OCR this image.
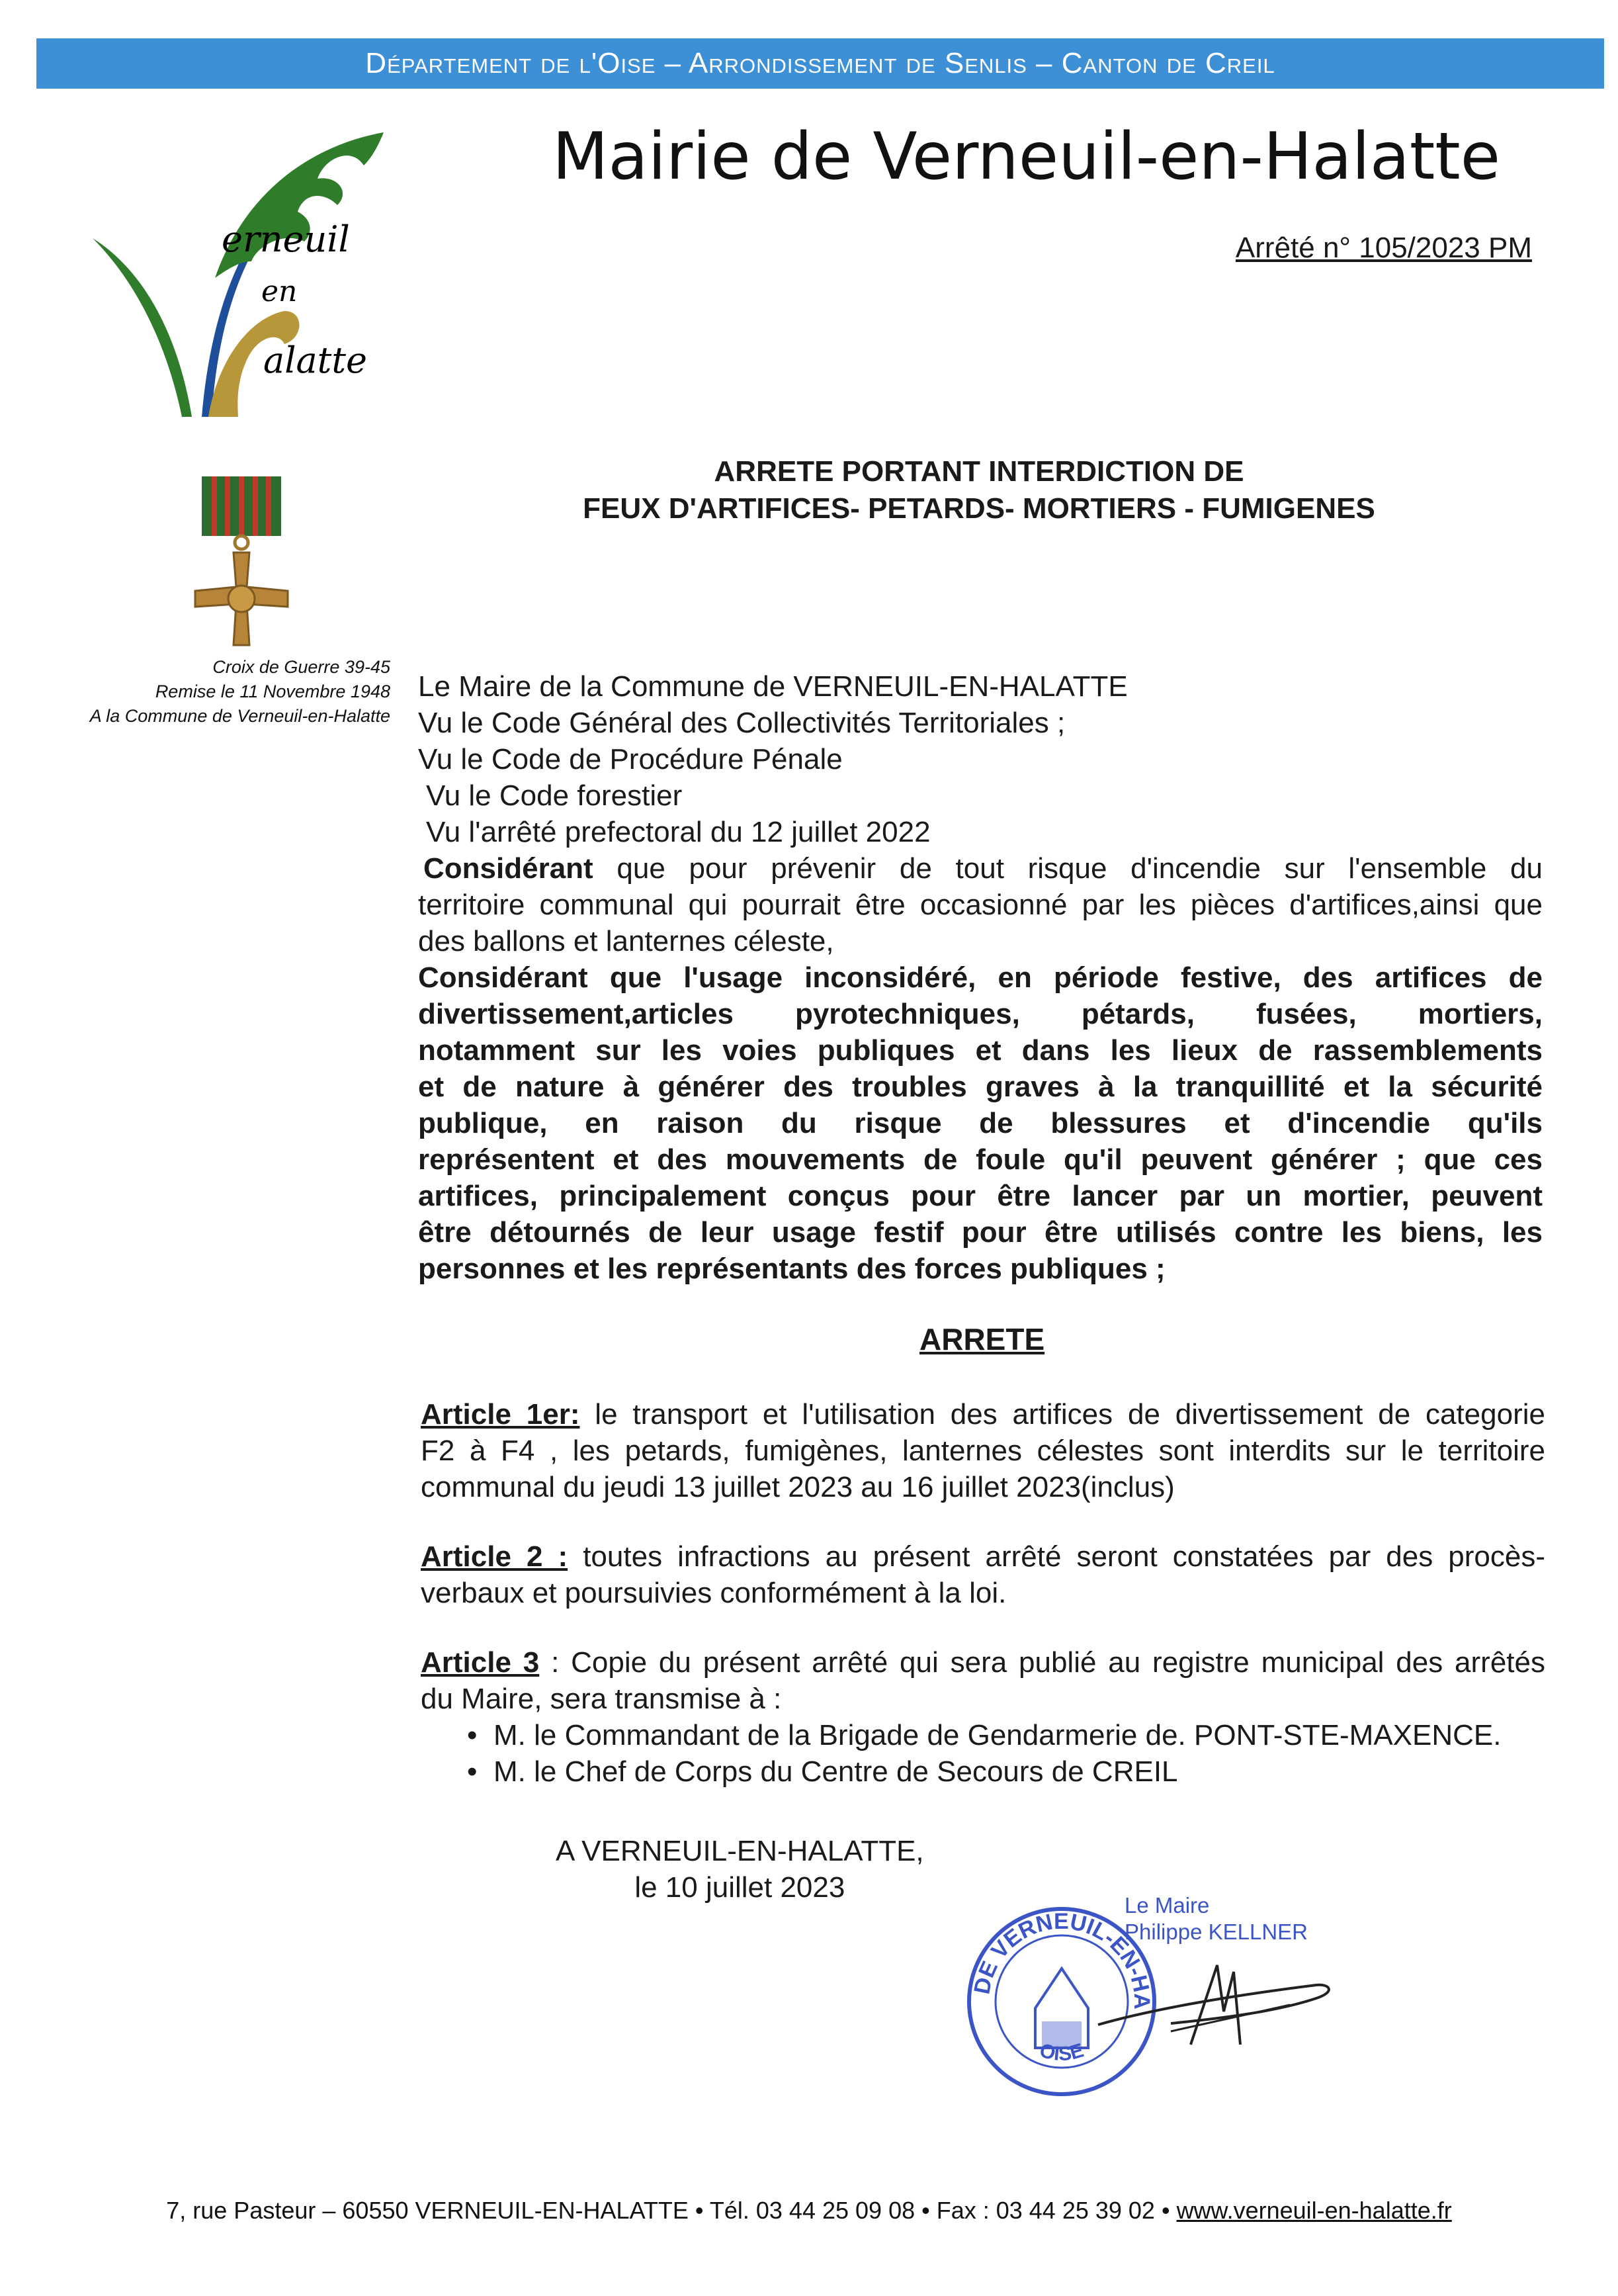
Département de l'Oise – Arrondissement de Senlis – Canton de Creil
erneuil
en
alatte
Mairie de Verneuil-en-Halatte
Arrêté n° 105/2023 PM
Croix de Guerre 39-45
Remise le 11 Novembre 1948
A la Commune de Verneuil-en-Halatte
ARRETE PORTANT INTERDICTION DE
FEUX D'ARTIFICES- PETARDS- MORTIERS - FUMIGENES
Le Maire de la Commune de VERNEUIL-EN-HALATTE
Vu le Code Général des Collectivités Territoriales ;
Vu le Code de Procédure Pénale
Vu le Code forestier
Vu l'arrêté prefectoral du 12 juillet 2022
Considérant que pour prévenir de tout risque d'incendie sur l'ensemble du
territoire communal qui pourrait être occasionné par les pièces d'artifices,ainsi que
des ballons et lanternes céleste,
Considérant que l'usage inconsidéré, en période festive, des artifices de
divertissement,articles pyrotechniques, pétards, fusées, mortiers,
notamment sur les voies publiques et dans les lieux de rassemblements
et de nature à générer des troubles graves à la tranquillité et la sécurité
publique, en raison du risque de blessures et d'incendie qu'ils
représentent et des mouvements de foule qu'il peuvent générer ; que ces
artifices, principalement conçus pour être lancer par un mortier, peuvent
être détournés de leur usage festif pour être utilisés contre les biens, les
personnes et les représentants des forces publiques ;
ARRETE
Article 1er: le transport et l'utilisation des artifices de divertissement de categorie
F2 à F4 , les petards, fumigènes, lanternes célestes sont interdits sur le territoire
communal du jeudi 13 juillet 2023 au 16 juillet 2023(inclus)
Article 2 : toutes infractions au présent arrêté seront constatées par des procès-
verbaux et poursuivies conformément à la loi.
Article 3 : Copie du présent arrêté qui sera publié au registre municipal des arrêtés
du Maire, sera transmise à :
• M. le Commandant de la Brigade de Gendarmerie de. PONT-STE-MAXENCE.
• M. le Chef de Corps du Centre de Secours de CREIL
A VERNEUIL-EN-HALATTE,
le 10 juillet 2023
DE VERNEUIL-EN-HA
OISE
Le Maire
Philippe KELLNER
7, rue Pasteur – 60550 VERNEUIL-EN-HALATTE • Tél. 03 44 25 09 08 • Fax : 03 44 25 39 02 • www.verneuil-en-halatte.fr
